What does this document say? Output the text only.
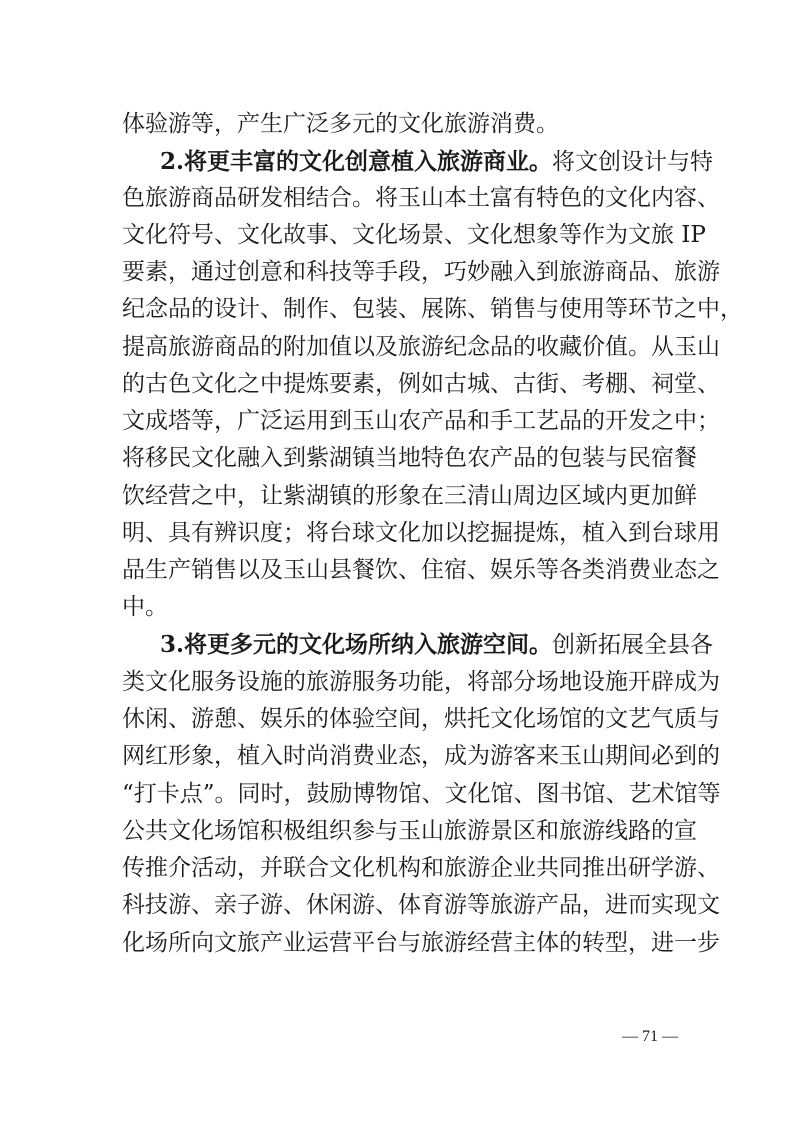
体验游等，产生广泛多元的文化旅游消费。
2.将更丰富的文化创意植入旅游商业。将文创设计与特
色旅游商品研发相结合。将玉山本土富有特色的文化内容、
文化符号、文化故事、文化场景、文化想象等作为文旅 IP
要素，通过创意和科技等手段，巧妙融入到旅游商品、旅游
纪念品的设计、制作、包装、展陈、销售与使用等环节之中，
提高旅游商品的附加值以及旅游纪念品的收藏价值。从玉山
的古色文化之中提炼要素，例如古城、古街、考棚、祠堂、
文成塔等，广泛运用到玉山农产品和手工艺品的开发之中；
将移民文化融入到紫湖镇当地特色农产品的包装与民宿餐
饮经营之中，让紫湖镇的形象在三清山周边区域内更加鲜
明、具有辨识度；将台球文化加以挖掘提炼，植入到台球用
品生产销售以及玉山县餐饮、住宿、娱乐等各类消费业态之
中。
3.将更多元的文化场所纳入旅游空间。创新拓展全县各
类文化服务设施的旅游服务功能，将部分场地设施开辟成为
休闲、游憩、娱乐的体验空间，烘托文化场馆的文艺气质与
网红形象，植入时尚消费业态，成为游客来玉山期间必到的
“打卡点”。同时，鼓励博物馆、文化馆、图书馆、艺术馆等
公共文化场馆积极组织参与玉山旅游景区和旅游线路的宣
传推介活动，并联合文化机构和旅游企业共同推出研学游、
科技游、亲子游、休闲游、体育游等旅游产品，进而实现文
化场所向文旅产业运营平台与旅游经营主体的转型，进一步
— 71 —
